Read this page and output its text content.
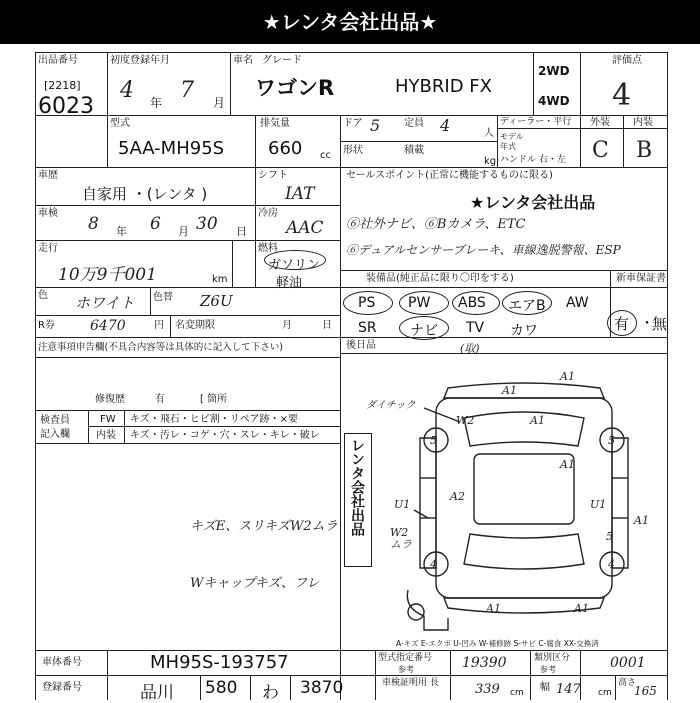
★レンタ会社出品★
出品番号
[2218]
6023
初度登録年月
4 年 7 月
車名 グレード
ワゴンR	HYBRID FX
2WD
4WD
評価点
4
型式
5AA-MH95S
排気量
660 cc
ドア 5 定員 4	人
形状	積載
kg
ディーラー・平行
モデル
年式
ハンドル 右・左
外装 内装
C B
車歴
自家用 ・(レンタ )
シフト
IAT
車検
8 年 6 月 30 日
冷房
AAC
走行
10万9千001	km
燃料
ガソリン
軽油
色 ホワイト 色替 Z6U
R券	6470	円 名変期限	月	日
セールスポイント(正常に機能するものに限る)
★レンタ会社出品
⑥社外ナビ、⑥Bカメラ、ETC
⑥デュアルセンサーブレーキ、車線逸脱警報、ESP
装備品(純正品に限り〇印をする)	新車保証書
PS PW ABS エアB AW
SR ナビ TV カワ	有 ・
無
後日品	(取)
注意事項申告欄(不具合内容等は具体的に記入して下さい)
修復歴	有	[ 箇所
検査員
記入欄
FW キズ・飛石・ヒビ割・リペア跡・×要
内装 キズ・汚レ・コゲ・穴・スレ・キレ・破レ
キズE、スリキズW2ムラ
Wキャップキズ、フレ
レンタ会社出品
A1
A1
W2	A1
5	5
A1
A2
A1
U1	U1
W2
ムラ
5
4	4
A1	A1
ダイチック
A-キズ E-エクボ U-凹み W-補修跡 S-サビ C-腐食 XX-交換済
車体番号	MH95S-193757
登録番号	品川 580 わ 3870
型式指定番号
参考	19390	類別区分
参考	0001
車検証明用 長	339 cm 幅 147 cm
高さ
165
